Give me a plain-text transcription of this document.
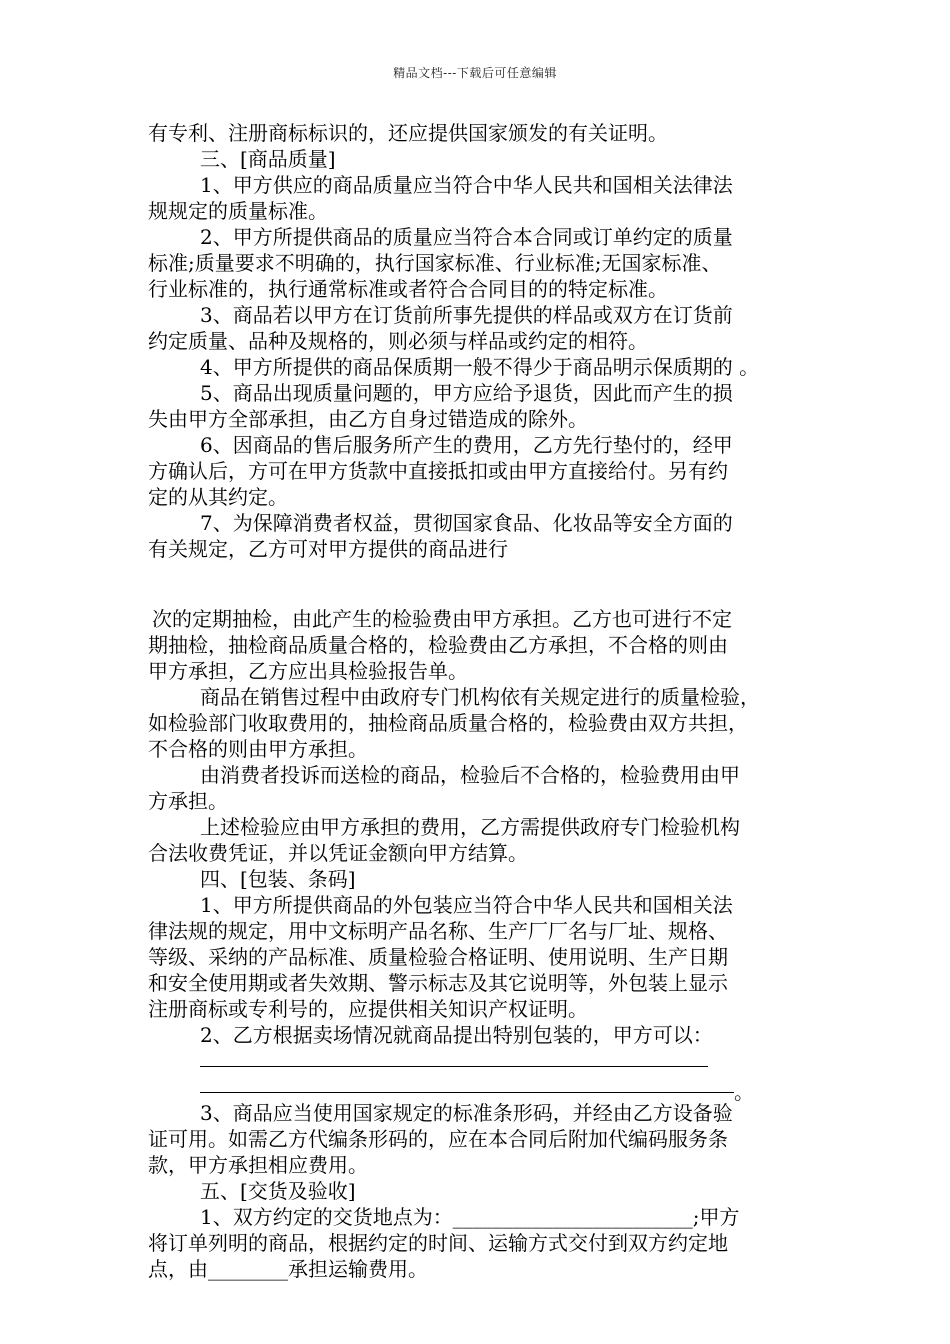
精品文档---下载后可任意编辑
有专利、注册商标标识的，还应提供国家颁发的有关证明。
三、[商品质量]
1、甲方供应的商品质量应当符合中华人民共和国相关法律法
规规定的质量标准。
2、甲方所提供商品的质量应当符合本合同或订单约定的质量
标准;质量要求不明确的，执行国家标准、行业标准;无国家标准、
行业标准的，执行通常标准或者符合合同目的的特定标准。
3、商品若以甲方在订货前所事先提供的样品或双方在订货前
约定质量、品种及规格的，则必须与样品或约定的相符。
4、甲方所提供的商品保质期一般不得少于商品明示保质期的 。
5、商品出现质量问题的，甲方应给予退货，因此而产生的损
失由甲方全部承担，由乙方自身过错造成的除外。
6、因商品的售后服务所产生的费用，乙方先行垫付的，经甲
方确认后，方可在甲方货款中直接抵扣或由甲方直接给付。另有约
定的从其约定。
7、为保障消费者权益，贯彻国家食品、化妆品等安全方面的
有关规定，乙方可对甲方提供的商品进行
次的定期抽检，由此产生的检验费由甲方承担。乙方也可进行不定
期抽检，抽检商品质量合格的，检验费由乙方承担，不合格的则由
甲方承担，乙方应出具检验报告单。
商品在销售过程中由政府专门机构依有关规定进行的质量检验，
如检验部门收取费用的，抽检商品质量合格的，检验费由双方共担，
不合格的则由甲方承担。
由消费者投诉而送检的商品，检验后不合格的，检验费用由甲
方承担。
上述检验应由甲方承担的费用，乙方需提供政府专门检验机构
合法收费凭证，并以凭证金额向甲方结算。
四、[包装、条码]
1、甲方所提供商品的外包装应当符合中华人民共和国相关法
律法规的规定，用中文标明产品名称、生产厂厂名与厂址、规格、
等级、采纳的产品标准、质量检验合格证明、使用说明、生产日期
和安全使用期或者失效期、警示标志及其它说明等，外包装上显示
注册商标或专利号的，应提供相关知识产权证明。
2、乙方根据卖场情况就商品提出特别包装的，甲方可以：
。
3、商品应当使用国家规定的标准条形码，并经由乙方设备验
证可用。如需乙方代编条形码的，应在本合同后附加代编码服务条
款，甲方承担相应费用。
五、[交货及验收]
1、双方约定的交货地点为：________________________;甲方
将订单列明的商品，根据约定的时间、运输方式交付到双方约定地
点，由________承担运输费用。
